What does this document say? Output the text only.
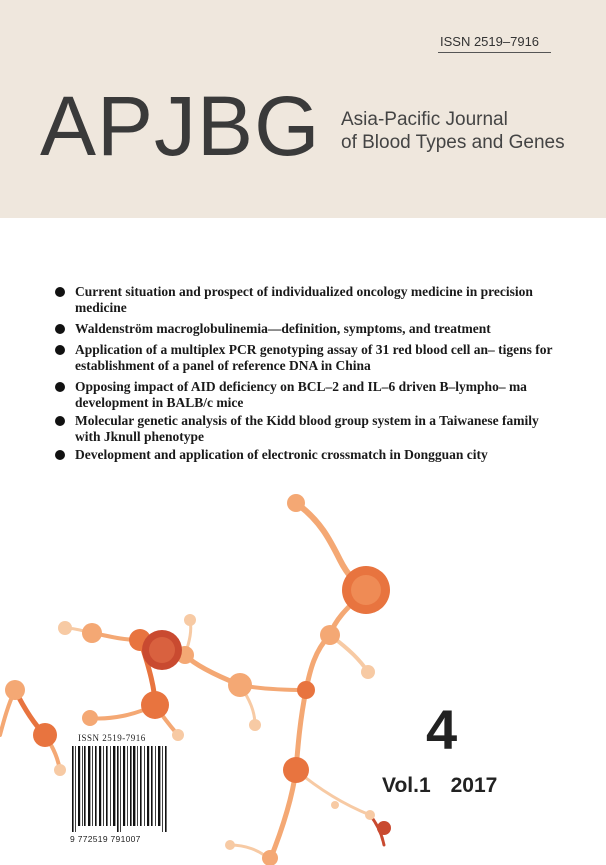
ISSN 2519–7916
APJBG Asia-Pacific Journal
of Blood Types and Genes
Current situation and prospect of individualized oncology medicine in precision medicine
Waldenström macroglobulinemia—definition, symptoms, and treatment
Application of a multiplex PCR genotyping assay of 31 red blood cell an– tigens for establishment of a panel of reference DNA in China
Opposing impact of AID deficiency on BCL–2 and IL–6 driven B–lympho– ma development in BALB/c mice
Molecular genetic analysis of the Kidd blood group system in a Taiwanese family with Jknull phenotype
Development and application of electronic crossmatch in Dongguan city
4
Vol.1 2017
ISSN 2519-7916
9 772519 791007
